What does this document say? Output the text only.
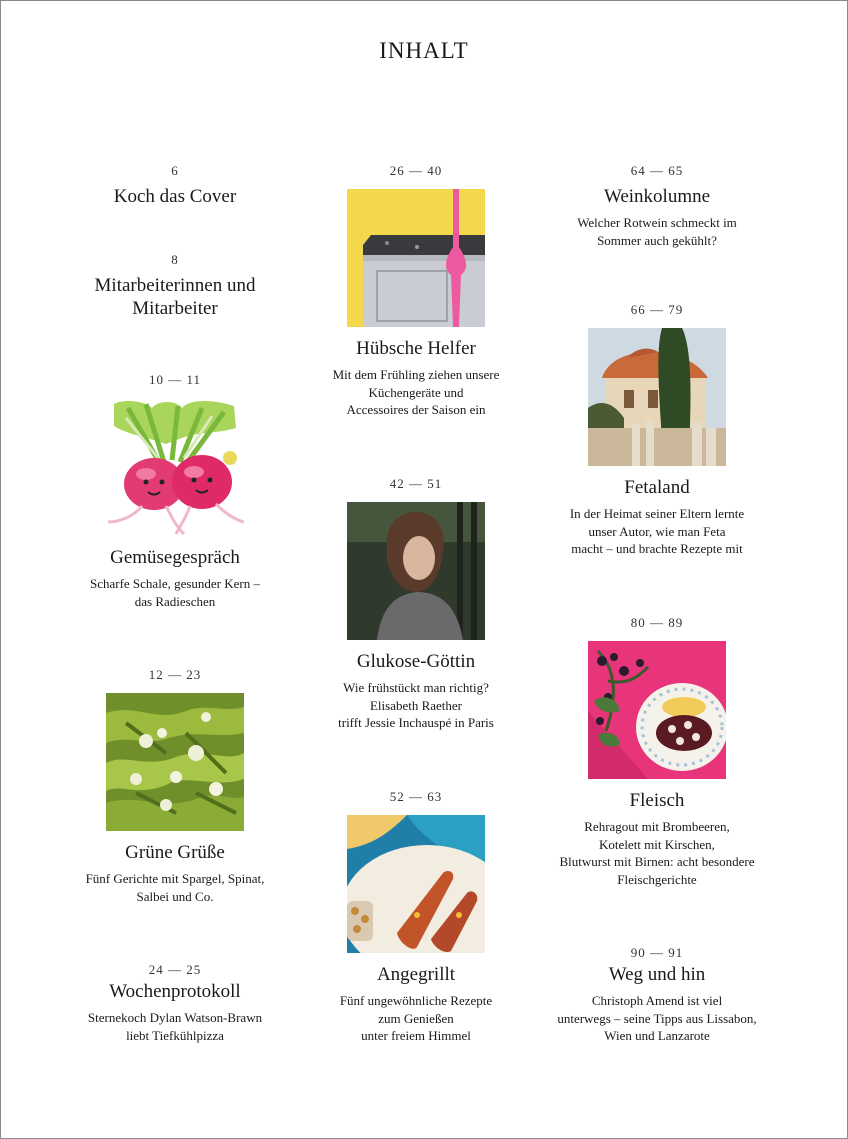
INHALT
6
Koch das Cover
8
Mitarbeiterinnen und
Mitarbeiter
10 — 11
Gemüsegespräch
Scharfe Schale, gesunder Kern –
das Radieschen
12 — 23
Grüne Grüße
Fünf Gerichte mit Spargel, Spinat,
Salbei und Co.
24 — 25
Wochenprotokoll
Sternekoch Dylan Watson-Brawn
liebt Tiefkühlpizza
26 — 40
Hübsche Helfer
Mit dem Frühling ziehen unsere
Küchengeräte und
Accessoires der Saison ein
42 — 51
Glukose-Göttin
Wie frühstückt man richtig?
Elisabeth Raether
trifft Jessie Inchauspé in Paris
52 — 63
Angegrillt
Fünf ungewöhnliche Rezepte
zum Genießen
unter freiem Himmel
64 — 65
Weinkolumne
Welcher Rotwein schmeckt im
Sommer auch gekühlt?
66 — 79
Fetaland
In der Heimat seiner Eltern lernte
unser Autor, wie man Feta
macht – und brachte Rezepte mit
80 — 89
Fleisch
Rehragout mit Brombeeren,
Kotelett mit Kirschen,
Blutwurst mit Birnen: acht besondere
Fleischgerichte
90 — 91
Weg und hin
Christoph Amend ist viel
unterwegs – seine Tipps aus Lissabon,
Wien und Lanzarote
